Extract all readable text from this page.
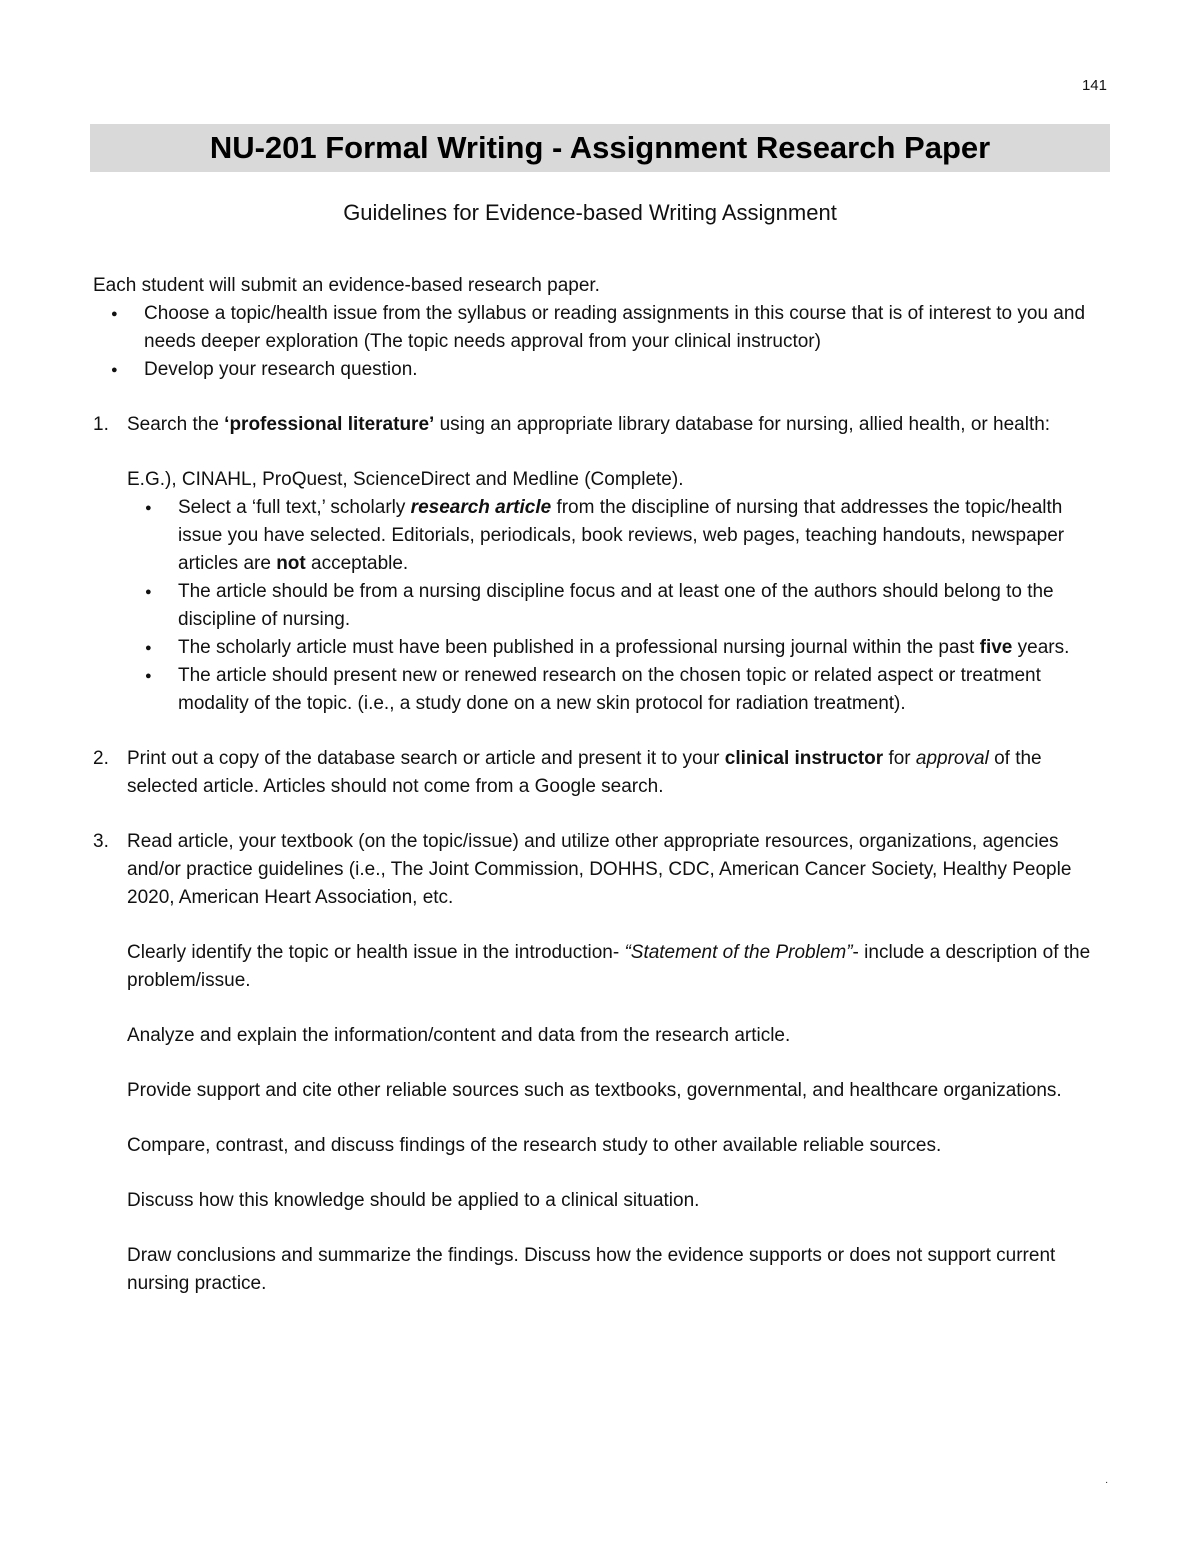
141
NU-201 Formal Writing - Assignment Research Paper
Guidelines for Evidence-based Writing Assignment

Each student will submit an evidence-based research paper.

● Choose a topic/health issue from the syllabus or reading assignments in this course that is of interest to you and needs deeper exploration (The topic needs approval from your clinical instructor)
● Develop your research question.
1. Search the ‘professional literature’ using an appropriate library database for nursing, allied health, or health:

E.G.), CINAHL, ProQuest, ScienceDirect and Medline (Complete).

● Select a ‘full text,’ scholarly research article from the discipline of nursing that addresses the topic/health issue you have selected. Editorials, periodicals, book reviews, web pages, teaching handouts, newspaper articles are not acceptable.
● The article should be from a nursing discipline focus and at least one of the authors should belong to the discipline of nursing.
● The scholarly article must have been published in a professional nursing journal within the past five years.
● The article should present new or renewed research on the chosen topic or related aspect or treatment modality of the topic. (i.e., a study done on a new skin protocol for radiation treatment).
2. Print out a copy of the database search or article and present it to your clinical instructor for approval of the selected article. Articles should not come from a Google search.
3. Read article, your textbook (on the topic/issue) and utilize other appropriate resources, organizations, agencies and/or practice guidelines (i.e., The Joint Commission, DOHHS, CDC, American Cancer Society, Healthy People 2020, American Heart Association, etc.

Clearly identify the topic or health issue in the introduction- “Statement of the Problem”- include a description of the problem/issue.

Analyze and explain the information/content and data from the research article.

Provide support and cite other reliable sources such as textbooks, governmental, and healthcare organizations.

Compare, contrast, and discuss findings of the research study to other available reliable sources.

Discuss how this knowledge should be applied to a clinical situation.

Draw conclusions and summarize the findings. Discuss how the evidence supports or does not support current nursing practice.

.
